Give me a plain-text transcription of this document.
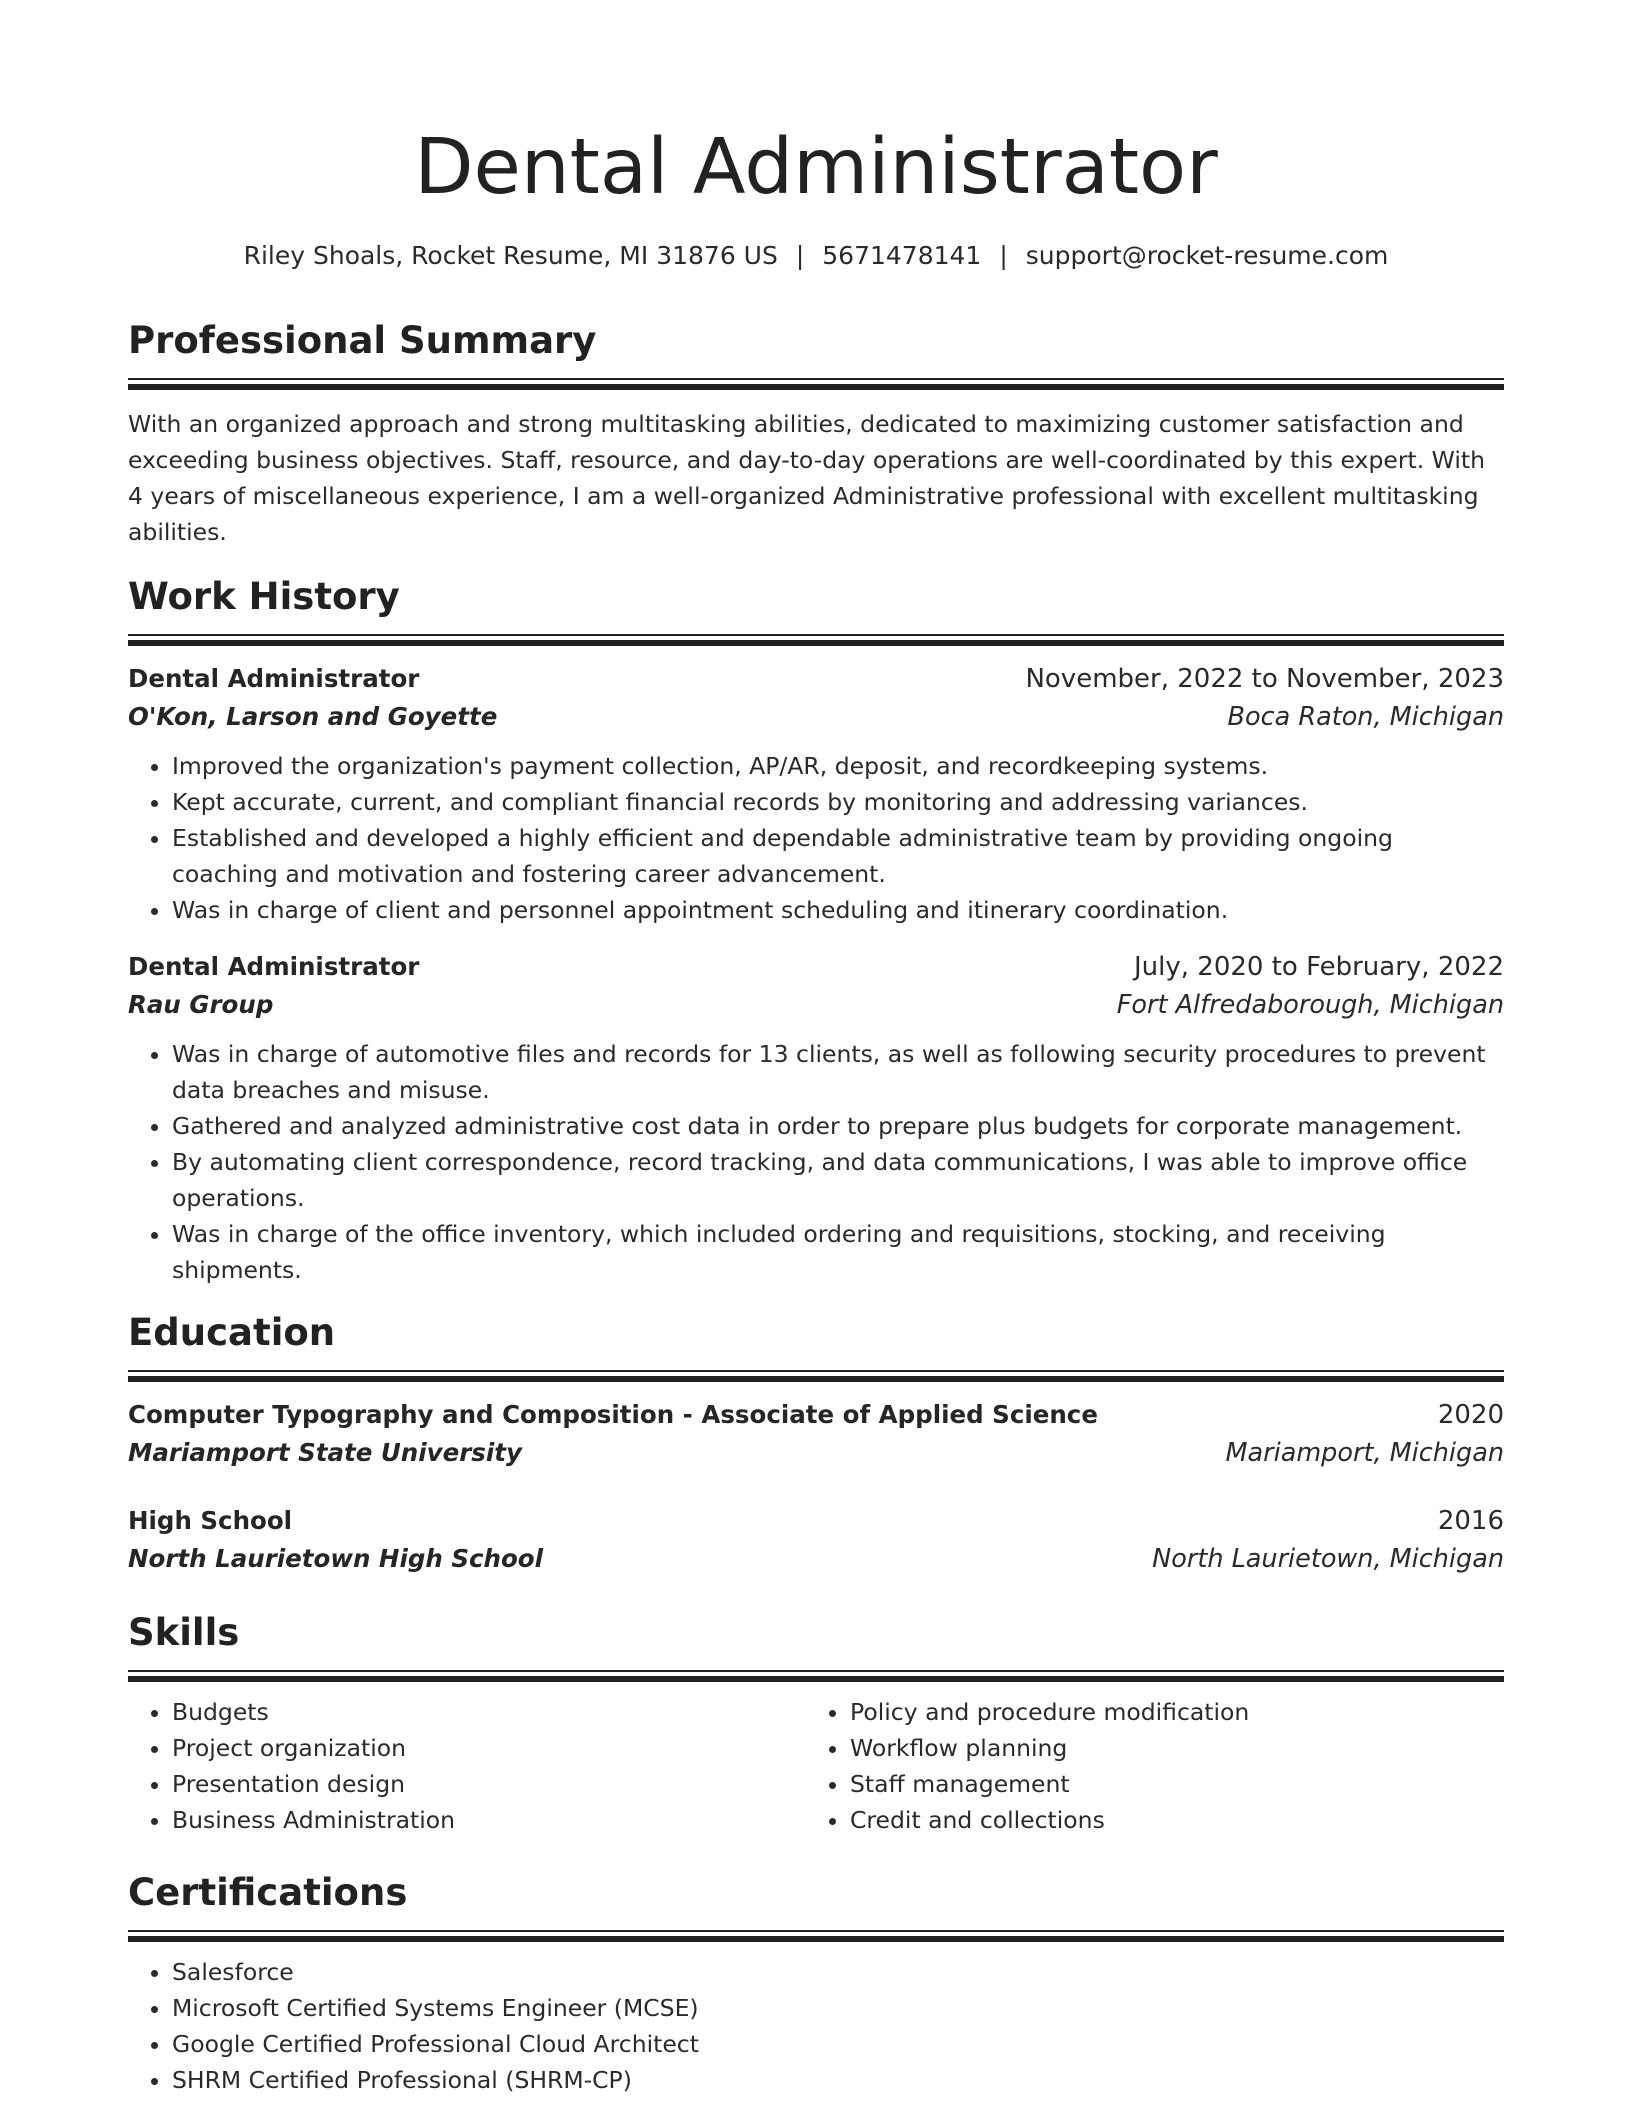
Dental Administrator
Riley Shoals, Rocket Resume, MI 31876 US | 5671478141 | support@rocket-resume.com
Professional Summary
With an organized approach and strong multitasking abilities, dedicated to maximizing customer satisfaction and exceeding business objectives. Staff, resource, and day-to-day operations are well-coordinated by this expert. With 4 years of miscellaneous experience, I am a well-organized Administrative professional with excellent multitasking abilities.
Work History
Dental Administrator	November, 2022 to November, 2023
O'Kon, Larson and Goyette	Boca Raton, Michigan
• Improved the organization's payment collection, AP/AR, deposit, and recordkeeping systems.
• Kept accurate, current, and compliant financial records by monitoring and addressing variances.
• Established and developed a highly efficient and dependable administrative team by providing ongoing coaching and motivation and fostering career advancement.
• Was in charge of client and personnel appointment scheduling and itinerary coordination.
Dental Administrator	July, 2020 to February, 2022
Rau Group	Fort Alfredaborough, Michigan
• Was in charge of automotive files and records for 13 clients, as well as following security procedures to prevent data breaches and misuse.
• Gathered and analyzed administrative cost data in order to prepare plus budgets for corporate management.
• By automating client correspondence, record tracking, and data communications, I was able to improve office operations.
• Was in charge of the office inventory, which included ordering and requisitions, stocking, and receiving shipments.
Education
Computer Typography and Composition - Associate of Applied Science	2020
Mariamport State University	Mariamport, Michigan
High School	2016
North Laurietown High School	North Laurietown, Michigan
Skills
• Budgets
• Project organization
• Presentation design
• Business Administration
• Policy and procedure modification
• Workflow planning
• Staff management
• Credit and collections
Certifications
• Salesforce
• Microsoft Certified Systems Engineer (MCSE)
• Google Certified Professional Cloud Architect
• SHRM Certified Professional (SHRM-CP)
